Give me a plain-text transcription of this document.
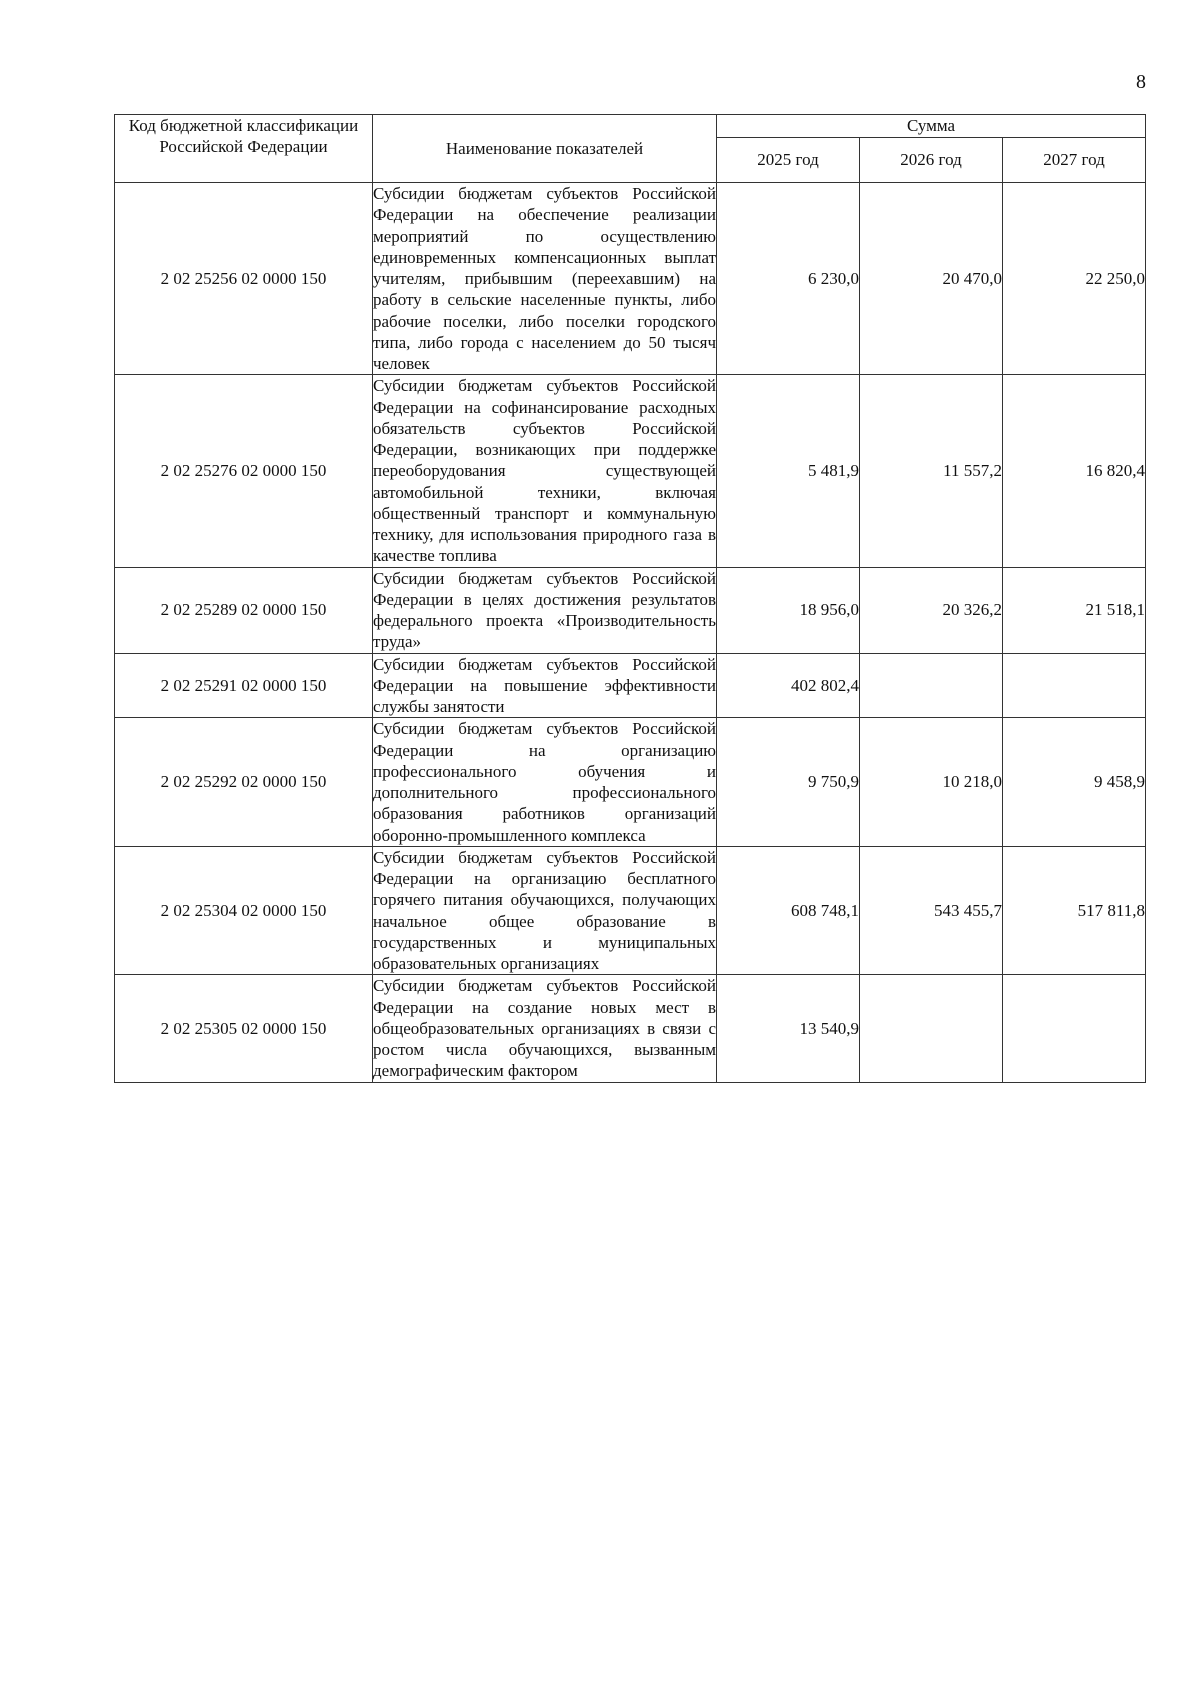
8
Код бюджетной классификации Российской Федерации	Наименование показателей	Сумма		
		2025 год	2026 год	2027 год
2 02 25256 02 0000 150	Субсидии бюджетам субъектов Российской Федерации на обеспечение реализации мероприятий по осуществлению единовременных компенсационных выплат учителям, прибывшим (переехавшим) на работу в сельские населенные пункты, либо рабочие поселки, либо поселки городского типа, либо города с населением до 50 тысяч человек	6 230,0	20 470,0	22 250,0
2 02 25276 02 0000 150	Субсидии бюджетам субъектов Российской Федерации на софинансирование расходных обязательств субъектов Российской Федерации, возникающих при поддержке переоборудования существующей автомобильной техники, включая общественный транспорт и коммунальную технику, для использования природного газа в качестве топлива	5 481,9	11 557,2	16 820,4
2 02 25289 02 0000 150	Субсидии бюджетам субъектов Российской Федерации в целях достижения результатов федерального проекта «Производительность труда»	18 956,0	20 326,2	21 518,1
2 02 25291 02 0000 150	Субсидии бюджетам субъектов Российской Федерации на повышение эффективности службы занятости	402 802,4		
2 02 25292 02 0000 150	Субсидии бюджетам субъектов Российской Федерации на организацию профессионального обучения и дополнительного профессионального образования работников организаций оборонно-промышленного комплекса	9 750,9	10 218,0	9 458,9
2 02 25304 02 0000 150	Субсидии бюджетам субъектов Российской Федерации на организацию бесплатного горячего питания обучающихся, получающих начальное общее образование в государственных и муниципальных образовательных организациях	608 748,1	543 455,7	517 811,8
2 02 25305 02 0000 150	Субсидии бюджетам субъектов Российской Федерации на создание новых мест в общеобразовательных организациях в связи с ростом числа обучающихся, вызванным демографическим фактором	13 540,9		
